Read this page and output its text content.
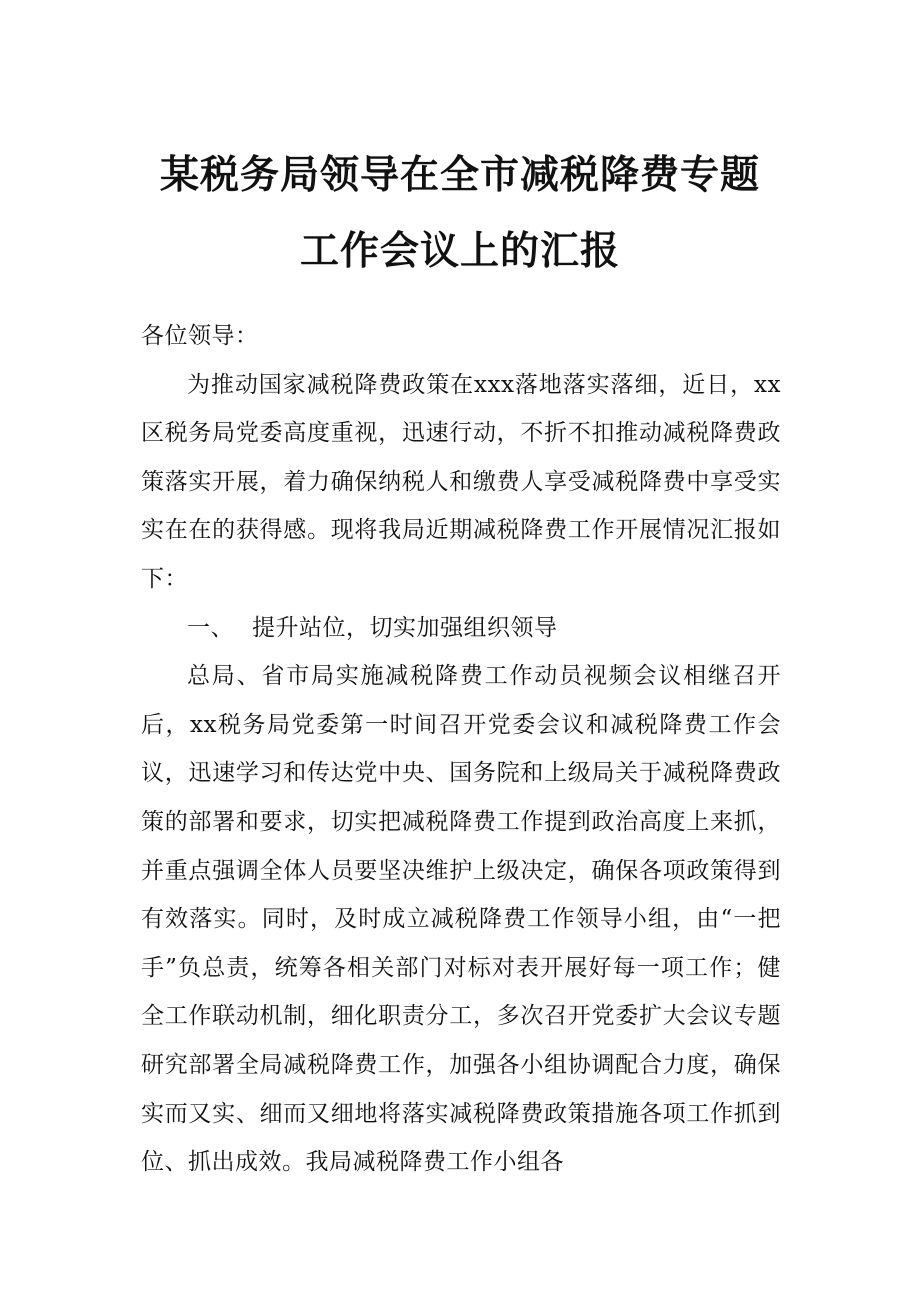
某税务局领导在全市减税降费专题
工作会议上的汇报

各位领导：

为推动国家减税降费政策在xxx落地落实落细，近日，xx区税务局党委高度重视，迅速行动，不折不扣推动减税降费政策落实开展，着力确保纳税人和缴费人享受减税降费中享受实实在在的获得感。现将我局近期减税降费工作开展情况汇报如下：

一、 提升站位，切实加强组织领导

总局、省市局实施减税降费工作动员视频会议相继召开后，xx税务局党委第一时间召开党委会议和减税降费工作会议，迅速学习和传达党中央、国务院和上级局关于减税降费政策的部署和要求，切实把减税降费工作提到政治高度上来抓，并重点强调全体人员要坚决维护上级决定，确保各项政策得到有效落实。同时，及时成立减税降费工作领导小组，由“一把手”负总责，统筹各相关部门对标对表开展好每一项工作；健全工作联动机制，细化职责分工，多次召开党委扩大会议专题研究部署全局减税降费工作，加强各小组协调配合力度，确保实而又实、细而又细地将落实减税降费政策措施各项工作抓到位、抓出成效。我局减税降费工作小组各
